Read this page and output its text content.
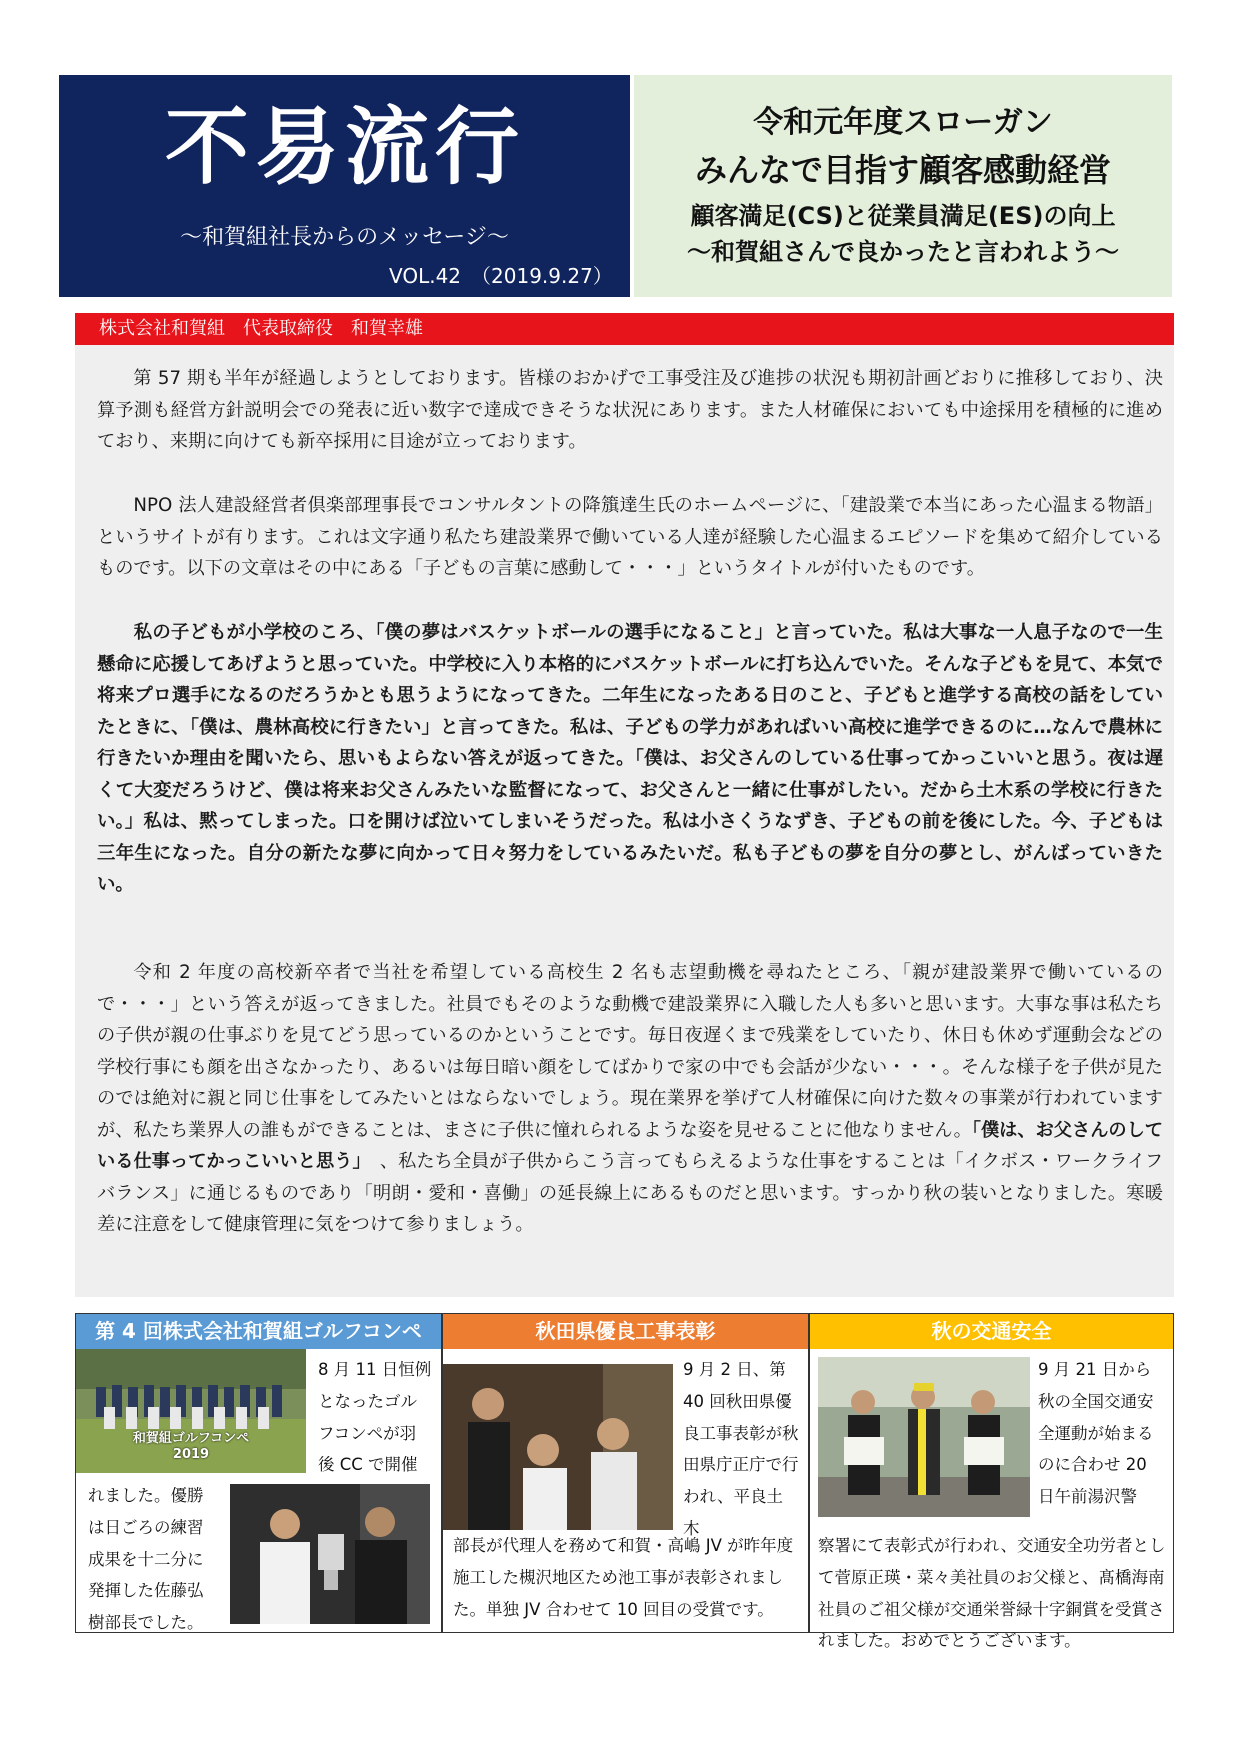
不易流行
～和賀組社長からのメッセージ～
VOL.42　（2019.9.27）
令和元年度スローガン
みんなで目指す顧客感動経営
顧客満足(CS)と従業員満足(ES)の向上
～和賀組さんで良かったと言われよう～
株式会社和賀組　代表取締役　和賀幸雄

第 57 期も半年が経過しようとしております。皆様のおかげで工事受注及び進捗の状況も期初計画どおりに推移しており、決算予測も経営方針説明会での発表に近い数字で達成できそうな状況にあります。また人材確保においても中途採用を積極的に進めており、来期に向けても新卒採用に目途が立っております。

NPO 法人建設経営者倶楽部理事長でコンサルタントの降籏達生氏のホームページに、「建設業で本当にあった心温まる物語」というサイトが有ります。これは文字通り私たち建設業界で働いている人達が経験した心温まるエピソードを集めて紹介しているものです。以下の文章はその中にある「子どもの言葉に感動して・・・」というタイトルが付いたものです。

私の子どもが小学校のころ、「僕の夢はバスケットボールの選手になること」と言っていた。私は大事な一人息子なので一生懸命に応援してあげようと思っていた。中学校に入り本格的にバスケットボールに打ち込んでいた。そんな子どもを見て、本気で将来プロ選手になるのだろうかとも思うようになってきた。二年生になったある日のこと、子どもと進学する高校の話をしていたときに、「僕は、農林高校に行きたい」と言ってきた。私は、子どもの学力があればいい高校に進学できるのに…なんで農林に行きたいか理由を聞いたら、思いもよらない答えが返ってきた。「僕は、お父さんのしている仕事ってかっこいいと思う。夜は遅くて大変だろうけど、僕は将来お父さんみたいな監督になって、お父さんと一緒に仕事がしたい。だから土木系の学校に行きたい。」私は、黙ってしまった。口を開けば泣いてしまいそうだった。私は小さくうなずき、子どもの前を後にした。今、子どもは三年生になった。自分の新たな夢に向かって日々努力をしているみたいだ。私も子どもの夢を自分の夢とし、がんばっていきたい。

令和 2 年度の高校新卒者で当社を希望している高校生 2 名も志望動機を尋ねたところ、「親が建設業界で働いているので・・・」という答えが返ってきました。社員でもそのような動機で建設業界に入職した人も多いと思います。大事な事は私たちの子供が親の仕事ぶりを見てどう思っているのかということです。毎日夜遅くまで残業をしていたり、休日も休めず運動会などの学校行事にも顔を出さなかったり、あるいは毎日暗い顔をしてばかりで家の中でも会話が少ない・・・。そんな様子を子供が見たのでは絶対に親と同じ仕事をしてみたいとはならないでしょう。現在業界を挙げて人材確保に向けた数々の事業が行われていますが、私たち業界人の誰もができることは、まさに子供に憧れられるような姿を見せることに他なりません。「僕は、お父さんのしている仕事ってかっこいいと思う」　、私たち全員が子供からこう言ってもらえるような仕事をすることは「イクボス・ワークライフバランス」に通じるものであり「明朗・愛和・喜働」の延長線上にあるものだと思います。すっかり秋の装いとなりました。寒暖差に注意をして健康管理に気をつけて参りましょう。

第 4 回株式会社和賀組ゴルフコンペ
和賀組ゴルフコンペ
2019

8 月 11 日恒例となったゴルフコンペが羽後 CC で開催

れました。優勝は日ごろの練習成果を十二分に発揮した佐藤弘樹部長でした。

秋田県優良工事表彰

9 月 2 日、第 40 回秋田県優良工事表彰が秋田県庁正庁で行われ、平良土木

部長が代理人を務めて和賀・高嶋 JV が昨年度施工した槻沢地区ため池工事が表彰されました。単独 JV 合わせて 10 回目の受賞です。

秋の交通安全

9 月 21 日から秋の全国交通安全運動が始まるのに合わせ 20 日午前湯沢警

察署にて表彰式が行われ、交通安全功労者として菅原正瑛・菜々美社員のお父様と、髙橋海南社員のご祖父様が交通栄誉緑十字銅賞を受賞されました。おめでとうございます。
